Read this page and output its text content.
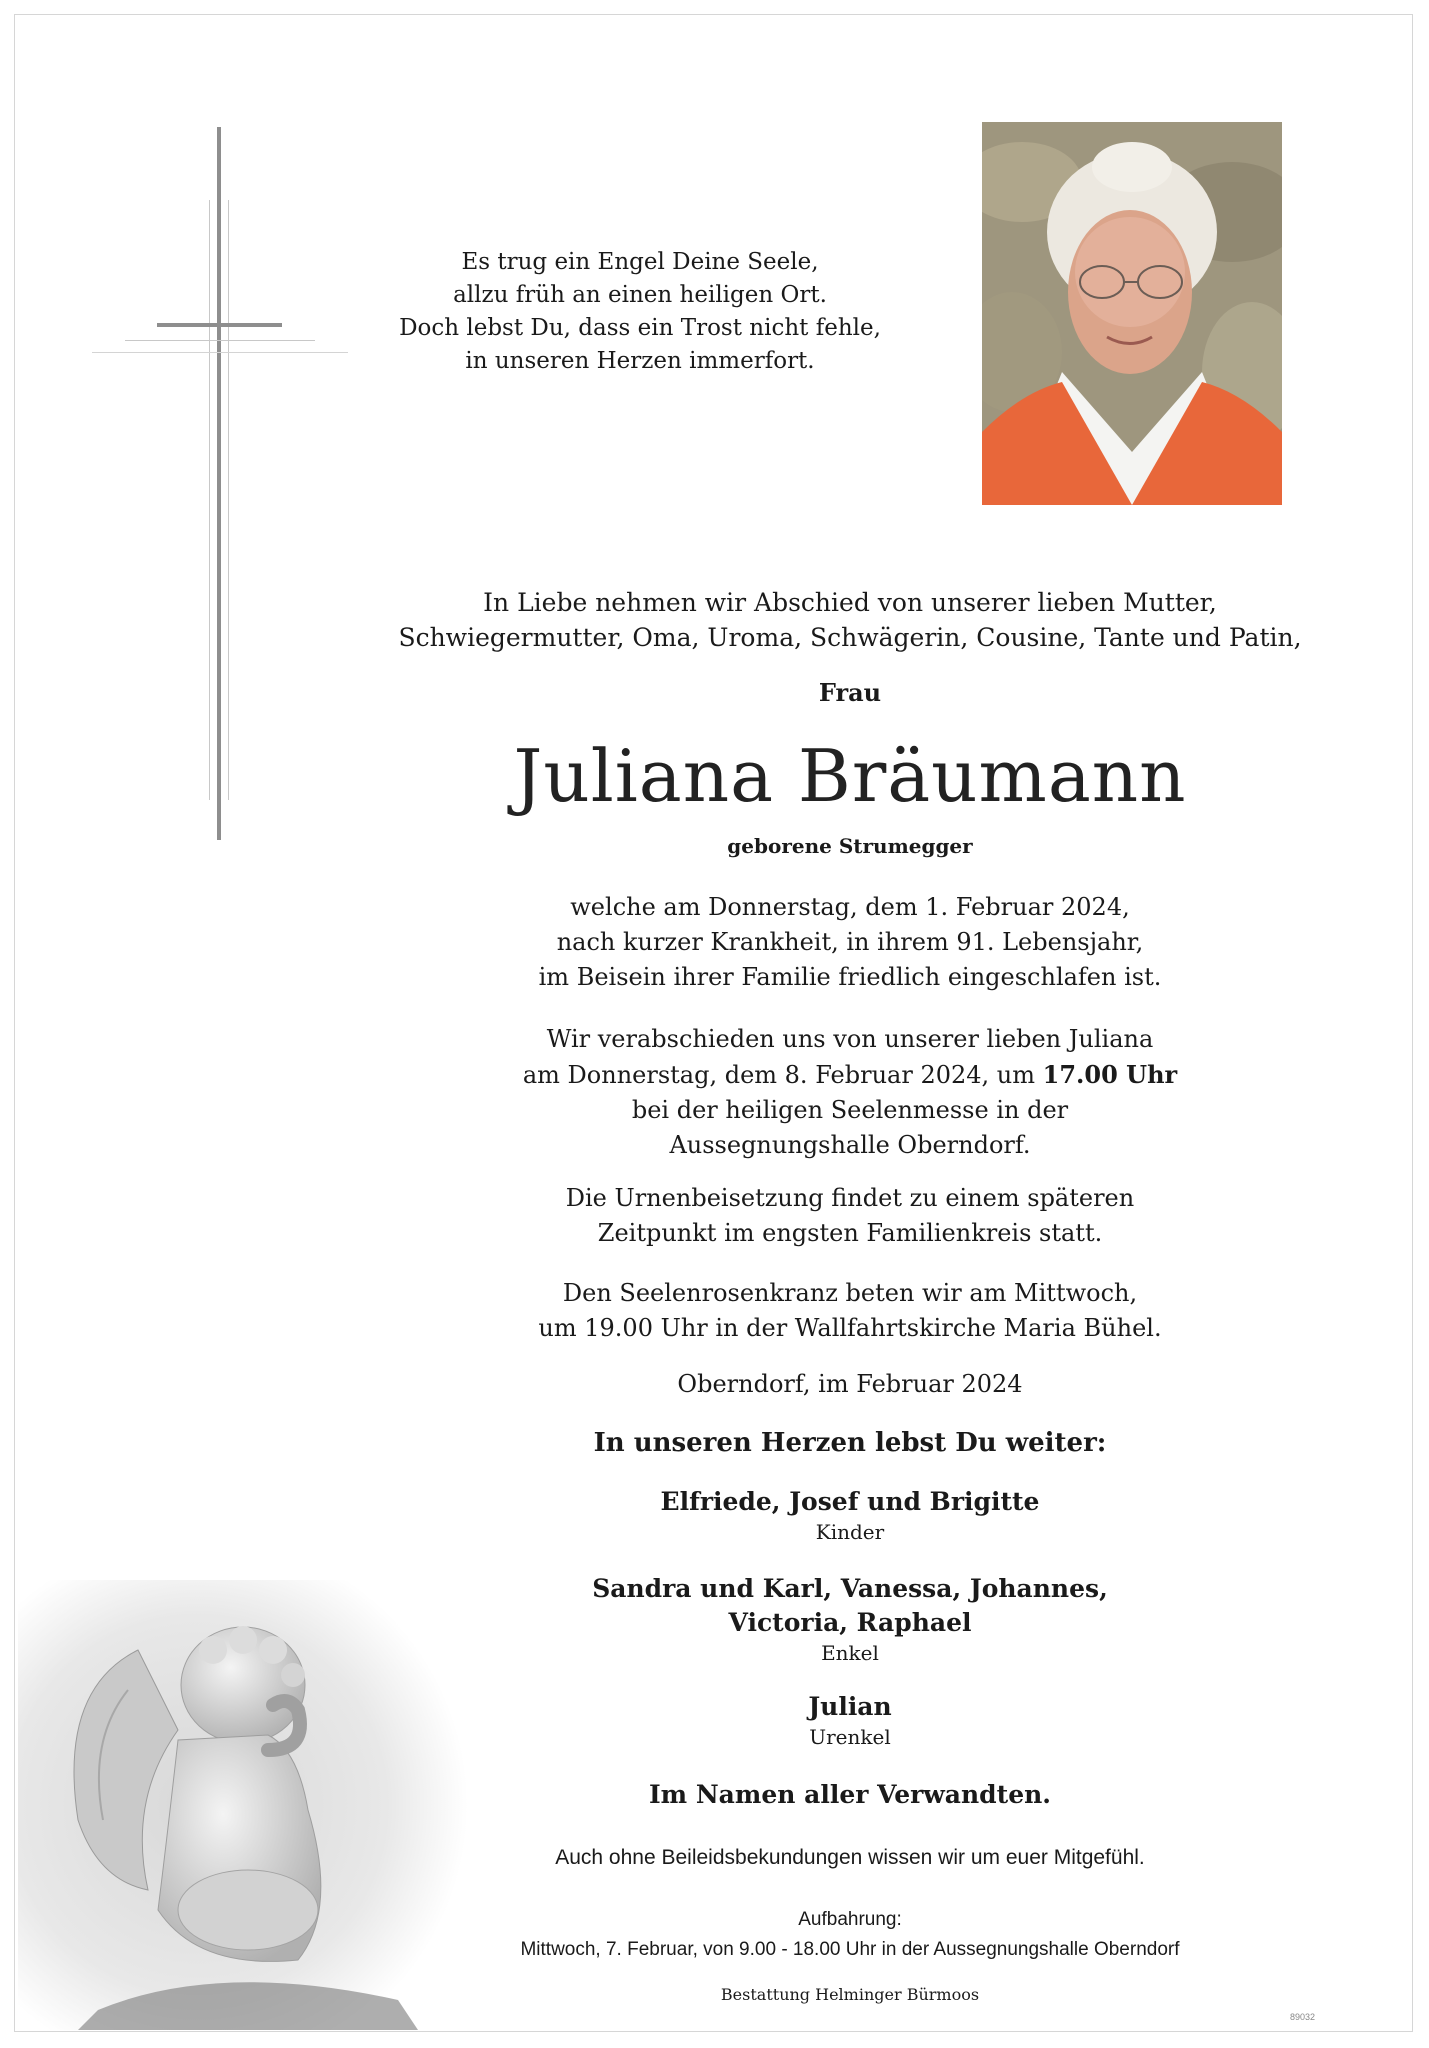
Es trug ein Engel Deine Seele,
allzu früh an einen heiligen Ort.
Doch lebst Du, dass ein Trost nicht fehle,
in unseren Herzen immerfort.
In Liebe nehmen wir Abschied von unserer lieben Mutter,
Schwiegermutter, Oma, Uroma, Schwägerin, Cousine, Tante und Patin,
Frau
Juliana Bräumann
geborene Strumegger
welche am Donnerstag, dem 1. Februar 2024,
nach kurzer Krankheit, in ihrem 91. Lebensjahr,
im Beisein ihrer Familie friedlich eingeschlafen ist.
Wir verabschieden uns von unserer lieben Juliana
am Donnerstag, dem 8. Februar 2024, um 17.00 Uhr
bei der heiligen Seelenmesse in der
Aussegnungshalle Oberndorf.
Die Urnenbeisetzung findet zu einem späteren
Zeitpunkt im engsten Familienkreis statt.
Den Seelenrosenkranz beten wir am Mittwoch,
um 19.00 Uhr in der Wallfahrtskirche Maria Bühel.
Oberndorf, im Februar 2024
In unseren Herzen lebst Du weiter:
Elfriede, Josef und Brigitte
Kinder
Sandra und Karl, Vanessa, Johannes,
Victoria, Raphael
Enkel
Julian
Urenkel
Im Namen aller Verwandten.
Auch ohne Beileidsbekundungen wissen wir um euer Mitgefühl.
Aufbahrung:
Mittwoch, 7. Februar, von 9.00 - 18.00 Uhr in der Aussegnungshalle Oberndorf
Bestattung Helminger Bürmoos
89032
